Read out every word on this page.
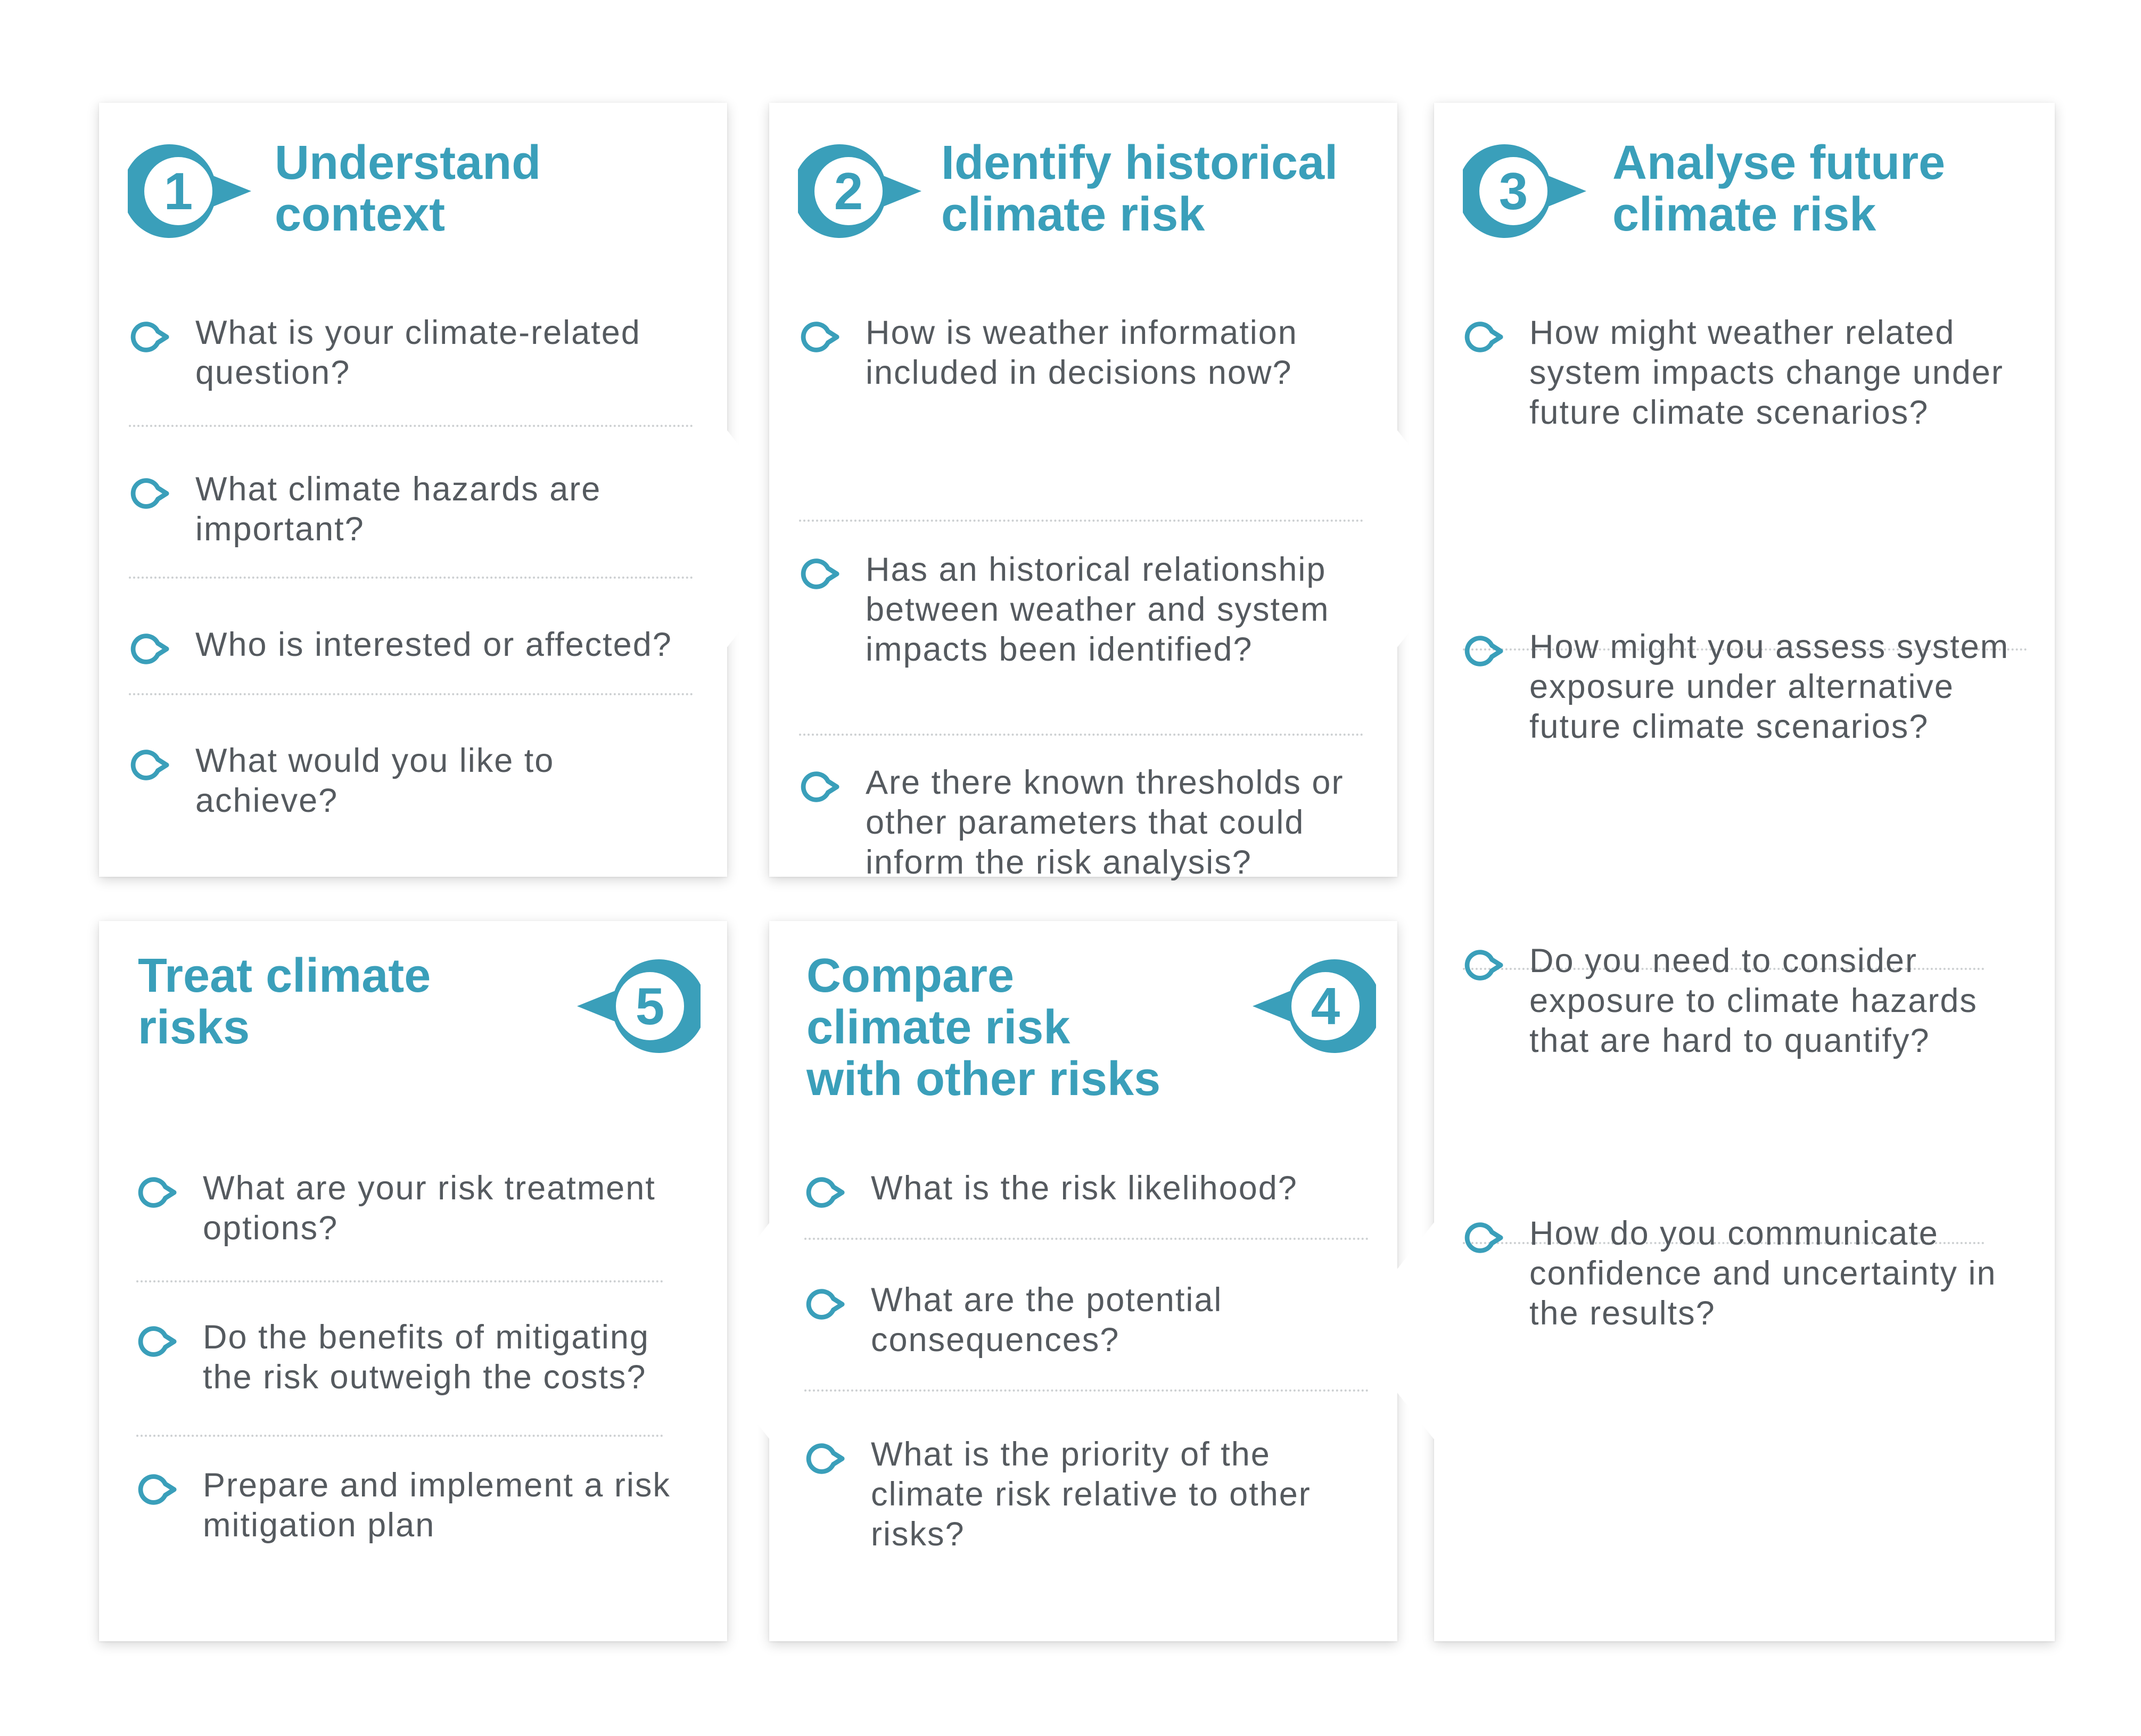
1 Understand
context
What is your climate-related question?
What climate hazards are important?
Who is interested or affected?
What would you like to achieve?
2 Identify historical
climate risk
How is weather information included in decisions now?
Has an historical relationship between weather and system impacts been identified?
Are there known thresholds or other parameters that could inform the risk analysis?
3 Analyse future
climate risk
How might weather related system impacts change under future climate scenarios?
How might you assess system exposure under alternative future climate scenarios?
Do you need to consider exposure to climate hazards that are hard to quantify?
How do you communicate confidence and uncertainty in the results?
4
Compare
climate risk
with other risks
What is the risk likelihood?
What are the potential consequences?
What is the priority of the climate risk relative to other risks?
5
Treat climate
risks
What are your risk treatment options?
Do the benefits of mitigating the risk outweigh the costs?
Prepare and implement a risk mitigation plan
